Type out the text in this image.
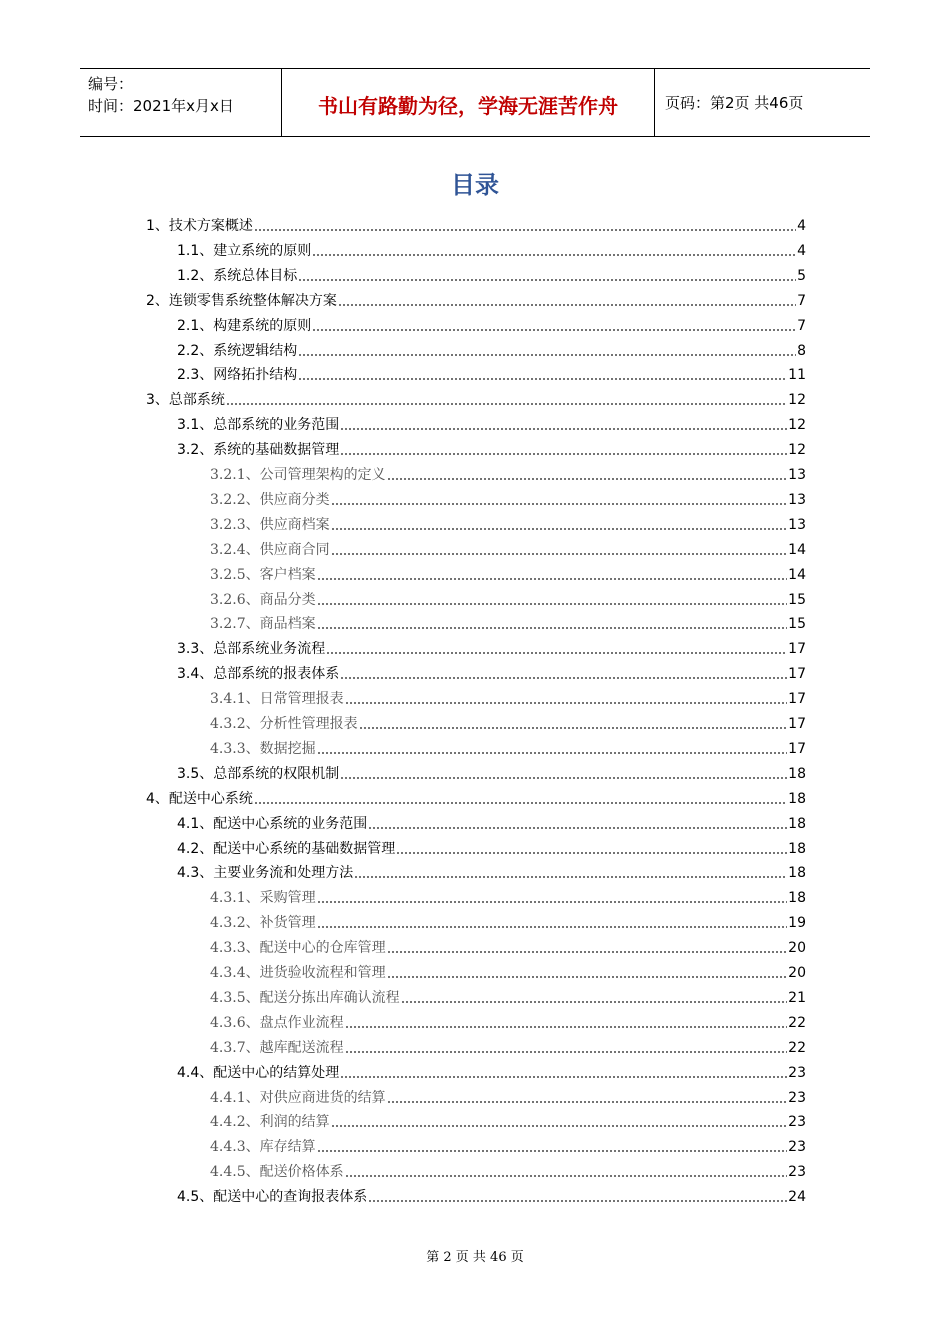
编号：
时间：2021年x月x日	书山有路勤为径，学海无涯苦作舟	页码：第2页 共46页
目录
1、技术方案概述	4
1.1、建立系统的原则	4
1.2、系统总体目标	5
2、连锁零售系统整体解决方案	7
2.1、构建系统的原则	7
2.2、系统逻辑结构	8
2.3、网络拓扑结构	11
3、总部系统	12
3.1、总部系统的业务范围	12
3.2、系统的基础数据管理	12
3.2.1、公司管理架构的定义	13
3.2.2、供应商分类	13
3.2.3、供应商档案	13
3.2.4、供应商合同	14
3.2.5、客户档案	14
3.2.6、商品分类	15
3.2.7、商品档案	15
3.3、总部系统业务流程	17
3.4、总部系统的报表体系	17
3.4.1、日常管理报表	17
4.3.2、分析性管理报表	17
4.3.3、数据挖掘	17
3.5、总部系统的权限机制	18
4、配送中心系统	18
4.1、配送中心系统的业务范围	18
4.2、配送中心系统的基础数据管理	18
4.3、主要业务流和处理方法	18
4.3.1、采购管理	18
4.3.2、补货管理	19
4.3.3、配送中心的仓库管理	20
4.3.4、进货验收流程和管理	20
4.3.5、配送分拣出库确认流程	21
4.3.6、盘点作业流程	22
4.3.7、越库配送流程	22
4.4、配送中心的结算处理	23
4.4.1、对供应商进货的结算	23
4.4.2、利润的结算	23
4.4.3、库存结算	23
4.4.5、配送价格体系	23
4.5、配送中心的查询报表体系	24
第 2 页 共 46 页
